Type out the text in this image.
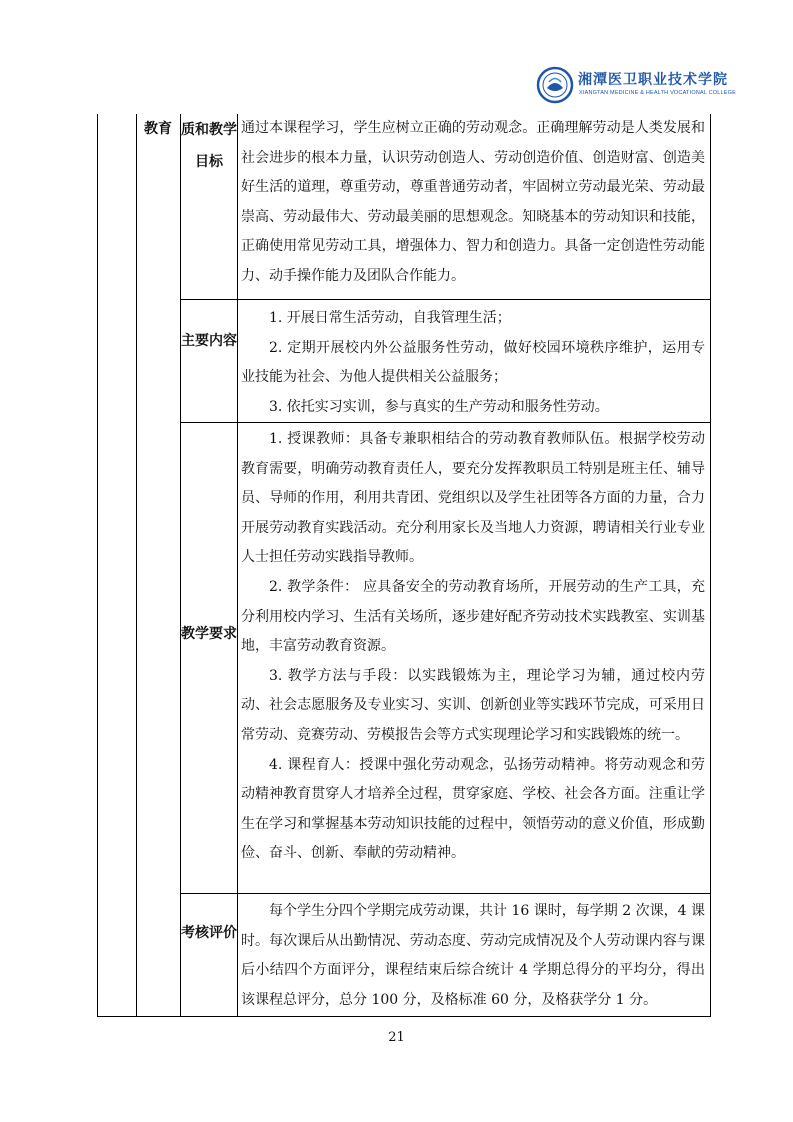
湘潭医卫职业技术学院
XIANGTAN MEDICINE & HEALTH VOCATIONAL COLLEGE
教育 质和教学目标
主要内容
教学要求
考核评价

通过本课程学习，学生应树立正确的劳动观念。正确理解劳动是人类发展和社会进步的根本力量，认识劳动创造人、劳动创造价值、创造财富、创造美好生活的道理，尊重劳动，尊重普通劳动者，牢固树立劳动最光荣、劳动最崇高、劳动最伟大、劳动最美丽的思想观念。知晓基本的劳动知识和技能，正确使用常见劳动工具，增强体力、智力和创造力。具备一定创造性劳动能力、动手操作能力及团队合作能力。

1. 开展日常生活劳动，自我管理生活；

2. 定期开展校内外公益服务性劳动，做好校园环境秩序维护，运用专业技能为社会、为他人提供相关公益服务；

3. 依托实习实训，参与真实的生产劳动和服务性劳动。

1. 授课教师：具备专兼职相结合的劳动教育教师队伍。根据学校劳动教育需要，明确劳动教育责任人，要充分发挥教职员工特别是班主任、辅导员、导师的作用，利用共青团、党组织以及学生社团等各方面的力量，合力开展劳动教育实践活动。充分利用家长及当地人力资源，聘请相关行业专业人士担任劳动实践指导教师。

2. 教学条件： 应具备安全的劳动教育场所，开展劳动的生产工具，充分利用校内学习、生活有关场所，逐步建好配齐劳动技术实践教室、实训基地，丰富劳动教育资源。

3. 教学方法与手段：以实践锻炼为主，理论学习为辅，通过校内劳动、社会志愿服务及专业实习、实训、创新创业等实践环节完成，可采用日常劳动、竞赛劳动、劳模报告会等方式实现理论学习和实践锻炼的统一。

4. 课程育人：授课中强化劳动观念，弘扬劳动精神。将劳动观念和劳动精神教育贯穿人才培养全过程，贯穿家庭、学校、社会各方面。注重让学生在学习和掌握基本劳动知识技能的过程中，领悟劳动的意义价值，形成勤俭、奋斗、创新、奉献的劳动精神。

每个学生分四个学期完成劳动课，共计 16 课时，每学期 2 次课，4 课时。每次课后从出勤情况、劳动态度、劳动完成情况及个人劳动课内容与课后小结四个方面评分，课程结束后综合统计 4 学期总得分的平均分，得出该课程总评分，总分 100 分，及格标准 60 分，及格获学分 1 分。

21
